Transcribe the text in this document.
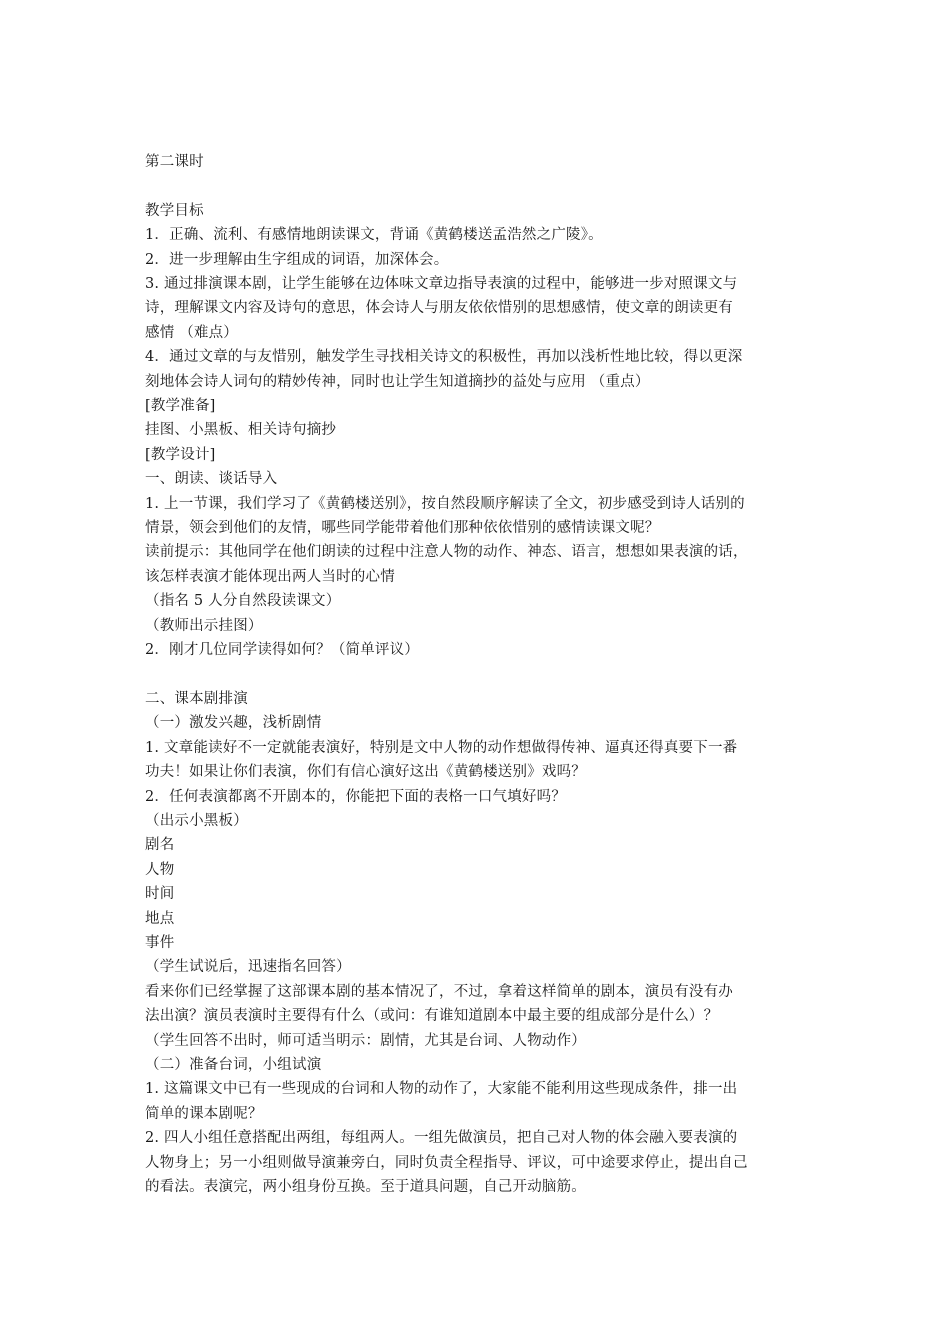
第二课时
教学目标
1．正确、流利、有感情地朗读课文，背诵《黄鹤楼送孟浩然之广陵》。
2．进一步理解由生字组成的词语，加深体会。
3. 通过排演课本剧，让学生能够在边体味文章边指导表演的过程中，能够进一步对照课文与
诗，理解课文内容及诗句的意思，体会诗人与朋友依依惜别的思想感情，使文章的朗读更有
感情 （难点）
4．通过文章的与友惜别，触发学生寻找相关诗文的积极性，再加以浅析性地比较，得以更深
刻地体会诗人词句的精妙传神，同时也让学生知道摘抄的益处与应用 （重点）
[教学准备]
挂图、小黑板、相关诗句摘抄
[教学设计]
一、朗读、谈话导入
1. 上一节课，我们学习了《黄鹤楼送别》，按自然段顺序解读了全文，初步感受到诗人话别的
情景，领会到他们的友情，哪些同学能带着他们那种依依惜别的感情读课文呢？
读前提示：其他同学在他们朗读的过程中注意人物的动作、神态、语言，想想如果表演的话，
该怎样表演才能体现出两人当时的心情
（指名 5 人分自然段读课文）
（教师出示挂图）
2．刚才几位同学读得如何？（简单评议）
二、课本剧排演
（一）激发兴趣，浅析剧情
1. 文章能读好不一定就能表演好，特别是文中人物的动作想做得传神、逼真还得真要下一番
功夫！如果让你们表演，你们有信心演好这出《黄鹤楼送别》戏吗？
2．任何表演都离不开剧本的，你能把下面的表格一口气填好吗？
（出示小黑板）
剧名
人物
时间
地点
事件
（学生试说后，迅速指名回答）
看来你们已经掌握了这部课本剧的基本情况了，不过，拿着这样简单的剧本，演员有没有办
法出演？演员表演时主要得有什么（或问：有谁知道剧本中最主要的组成部分是什么）？
（学生回答不出时，师可适当明示：剧情，尤其是台词、人物动作）
（二）准备台词，小组试演
1. 这篇课文中已有一些现成的台词和人物的动作了，大家能不能利用这些现成条件，排一出
简单的课本剧呢？
2. 四人小组任意搭配出两组，每组两人。一组先做演员，把自己对人物的体会融入要表演的
人物身上；另一小组则做导演兼旁白，同时负责全程指导、评议，可中途要求停止，提出自己
的看法。表演完，两小组身份互换。至于道具问题，自己开动脑筋。
